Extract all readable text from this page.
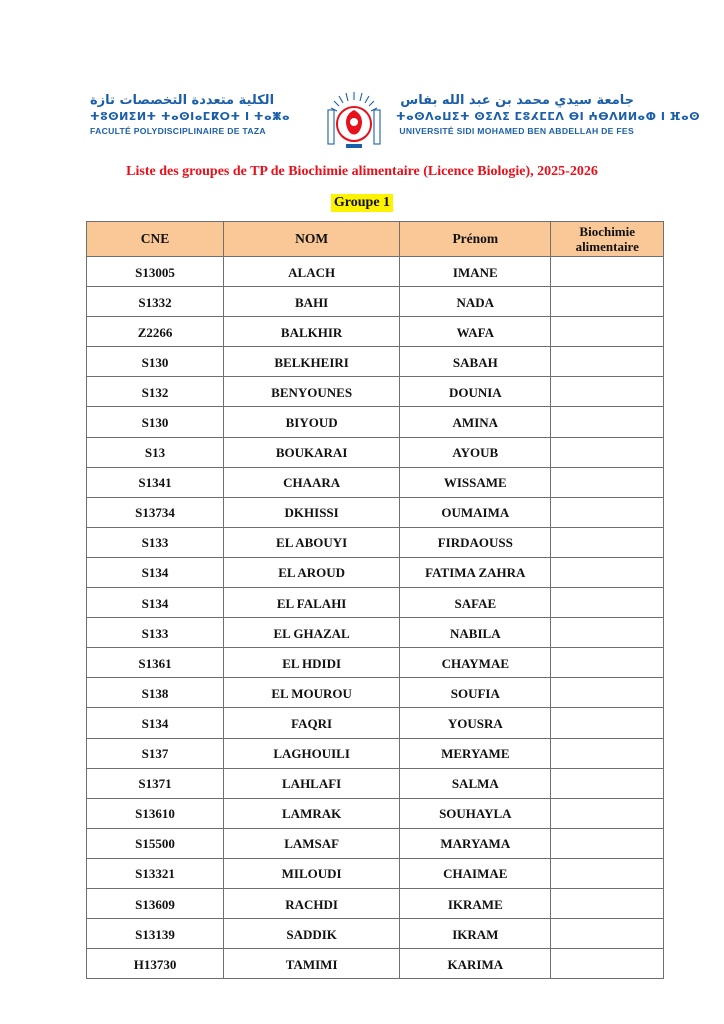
الكلية متعددة التخصصات تازة
ⵜⵓⵙⵍⵉⵍⵜ ⵜⴰⵙⵏⴰⵎⴽⵔⵜ ⵏ ⵜⴰⵥⴰ
FACULTÉ POLYDISCIPLINAIRE DE TAZA
جامعة سيدي محمد بن عبد الله بفاس
ⵜⴰⵙⴷⴰⵡⵉⵜ ⵙⵉⴷⵉ ⵎⵓⵃⵎⵎⴷ ⴱⵏ ⵄⴱⴷⵍⵍⴰⵀ ⵏ ⴼⴰⵙ
UNIVERSITÉ SIDI MOHAMED BEN ABDELLAH DE FES
Liste des groupes de TP de Biochimie alimentaire (Licence Biologie), 2025-2026
Groupe 1
CNE	NOM	Prénom	Biochimie alimentaire
S13005	ALACH	IMANE	
S1332	BAHI	NADA	
Z2266	BALKHIR	WAFA	
S130	BELKHEIRI	SABAH	
S132	BENYOUNES	DOUNIA	
S130	BIYOUD	AMINA	
S13	BOUKARAI	AYOUB	
S1341	CHAARA	WISSAME	
S13734	DKHISSI	OUMAIMA	
S133	EL ABOUYI	FIRDAOUSS	
S134	EL AROUD	FATIMA ZAHRA	
S134	EL FALAHI	SAFAE	
S133	EL GHAZAL	NABILA	
S1361	EL HDIDI	CHAYMAE	
S138	EL MOUROU	SOUFIA	
S134	FAQRI	YOUSRA	
S137	LAGHOUILI	MERYAME	
S1371	LAHLAFI	SALMA	
S13610	LAMRAK	SOUHAYLA	
S15500	LAMSAF	MARYAMA	
S13321	MILOUDI	CHAIMAE	
S13609	RACHDI	IKRAME	
S13139	SADDIK	IKRAM	
H13730	TAMIMI	KARIMA	
